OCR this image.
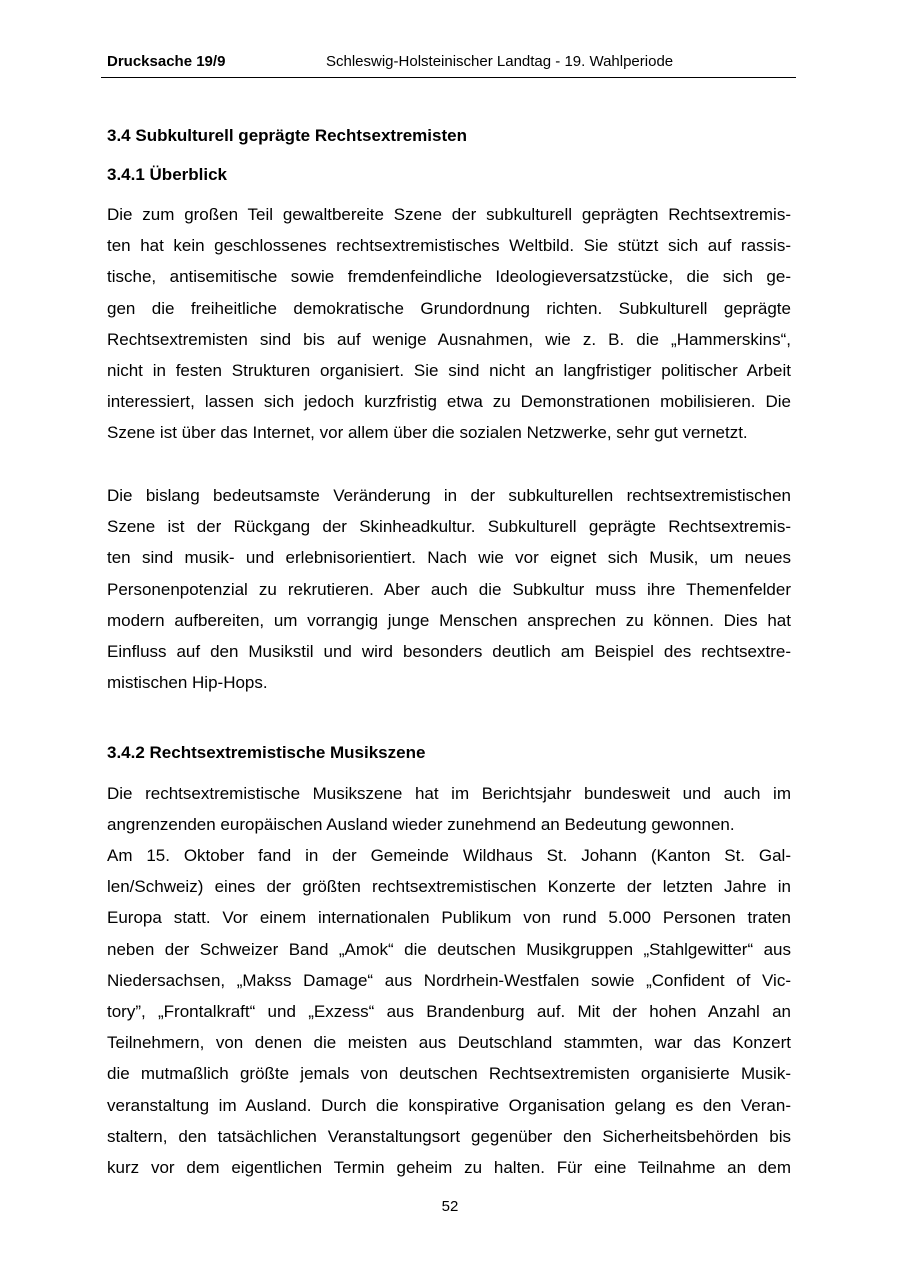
Drucksache 19/9	Schleswig-Holsteinischer Landtag - 19. Wahlperiode
3.4 Subkulturell geprägte Rechtsextremisten
3.4.1 Überblick
Die zum großen Teil gewaltbereite Szene der subkulturell geprägten Rechtsextremis-
ten hat kein geschlossenes rechtsextremistisches Weltbild. Sie stützt sich auf rassis-
tische, antisemitische sowie fremdenfeindliche Ideologieversatzstücke, die sich ge-
gen die freiheitliche demokratische Grundordnung richten. Subkulturell geprägte
Rechtsextremisten sind bis auf wenige Ausnahmen, wie z. B. die „Hammerskins“,
nicht in festen Strukturen organisiert. Sie sind nicht an langfristiger politischer Arbeit
interessiert, lassen sich jedoch kurzfristig etwa zu Demonstrationen mobilisieren. Die
Szene ist über das Internet, vor allem über die sozialen Netzwerke, sehr gut vernetzt.
Die bislang bedeutsamste Veränderung in der subkulturellen rechtsextremistischen
Szene ist der Rückgang der Skinheadkultur. Subkulturell geprägte Rechtsextremis-
ten sind musik- und erlebnisorientiert. Nach wie vor eignet sich Musik, um neues
Personenpotenzial zu rekrutieren. Aber auch die Subkultur muss ihre Themenfelder
modern aufbereiten, um vorrangig junge Menschen ansprechen zu können. Dies hat
Einfluss auf den Musikstil und wird besonders deutlich am Beispiel des rechtsextre-
mistischen Hip-Hops.
3.4.2 Rechtsextremistische Musikszene
Die rechtsextremistische Musikszene hat im Berichtsjahr bundesweit und auch im
angrenzenden europäischen Ausland wieder zunehmend an Bedeutung gewonnen.
Am 15. Oktober fand in der Gemeinde Wildhaus St. Johann (Kanton St. Gal-
len/Schweiz) eines der größten rechtsextremistischen Konzerte der letzten Jahre in
Europa statt. Vor einem internationalen Publikum von rund 5.000 Personen traten
neben der Schweizer Band „Amok“ die deutschen Musikgruppen „Stahlgewitter“ aus
Niedersachsen, „Makss Damage“ aus Nordrhein-Westfalen sowie „Confident of Vic-
tory”, „Frontalkraft“ und „Exzess“ aus Brandenburg auf. Mit der hohen Anzahl an
Teilnehmern, von denen die meisten aus Deutschland stammten, war das Konzert
die mutmaßlich größte jemals von deutschen Rechtsextremisten organisierte Musik-
veranstaltung im Ausland. Durch die konspirative Organisation gelang es den Veran-
staltern, den tatsächlichen Veranstaltungsort gegenüber den Sicherheitsbehörden bis
kurz vor dem eigentlichen Termin geheim zu halten. Für eine Teilnahme an dem
52
